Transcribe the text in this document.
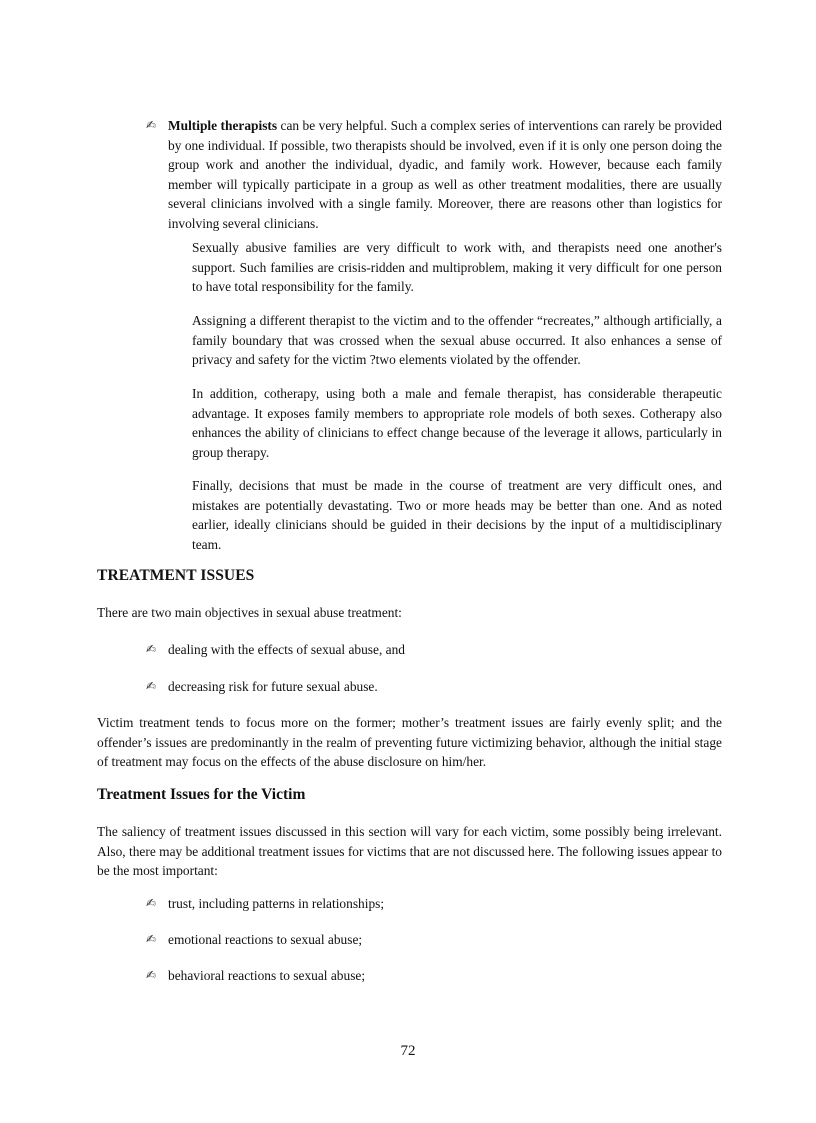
✍ Multiple therapists can be very helpful. Such a complex series of interventions can rarely be provided by one individual. If possible, two therapists should be involved, even if it is only one person doing the group work and another the individual, dyadic, and family work. However, because each family member will typically participate in a group as well as other treatment modalities, there are usually several clinicians involved with a single family. Moreover, there are reasons other than logistics for involving several clinicians.

Sexually abusive families are very difficult to work with, and therapists need one another's support. Such families are crisis-ridden and multiproblem, making it very difficult for one person to have total responsibility for the family.

Assigning a different therapist to the victim and to the offender “recreates,” although artificially, a family boundary that was crossed when the sexual abuse occurred. It also enhances a sense of privacy and safety for the victim ?two elements violated by the offender.

In addition, cotherapy, using both a male and female therapist, has considerable therapeutic advantage. It exposes family members to appropriate role models of both sexes. Cotherapy also enhances the ability of clinicians to effect change because of the leverage it allows, particularly in group therapy.

Finally, decisions that must be made in the course of treatment are very difficult ones, and mistakes are potentially devastating. Two or more heads may be better than one. And as noted earlier, ideally clinicians should be guided in their decisions by the input of a multidisciplinary team.

TREATMENT ISSUES

There are two main objectives in sexual abuse treatment:

✍ dealing with the effects of sexual abuse, and
✍ decreasing risk for future sexual abuse.

Victim treatment tends to focus more on the former; mother’s treatment issues are fairly evenly split; and the offender’s issues are predominantly in the realm of preventing future victimizing behavior, although the initial stage of treatment may focus on the effects of the abuse disclosure on him/her.

Treatment Issues for the Victim

The saliency of treatment issues discussed in this section will vary for each victim, some possibly being irrelevant. Also, there may be additional treatment issues for victims that are not discussed here. The following issues appear to be the most important:

✍ trust, including patterns in relationships;
✍ emotional reactions to sexual abuse;
✍ behavioral reactions to sexual abuse;
72
